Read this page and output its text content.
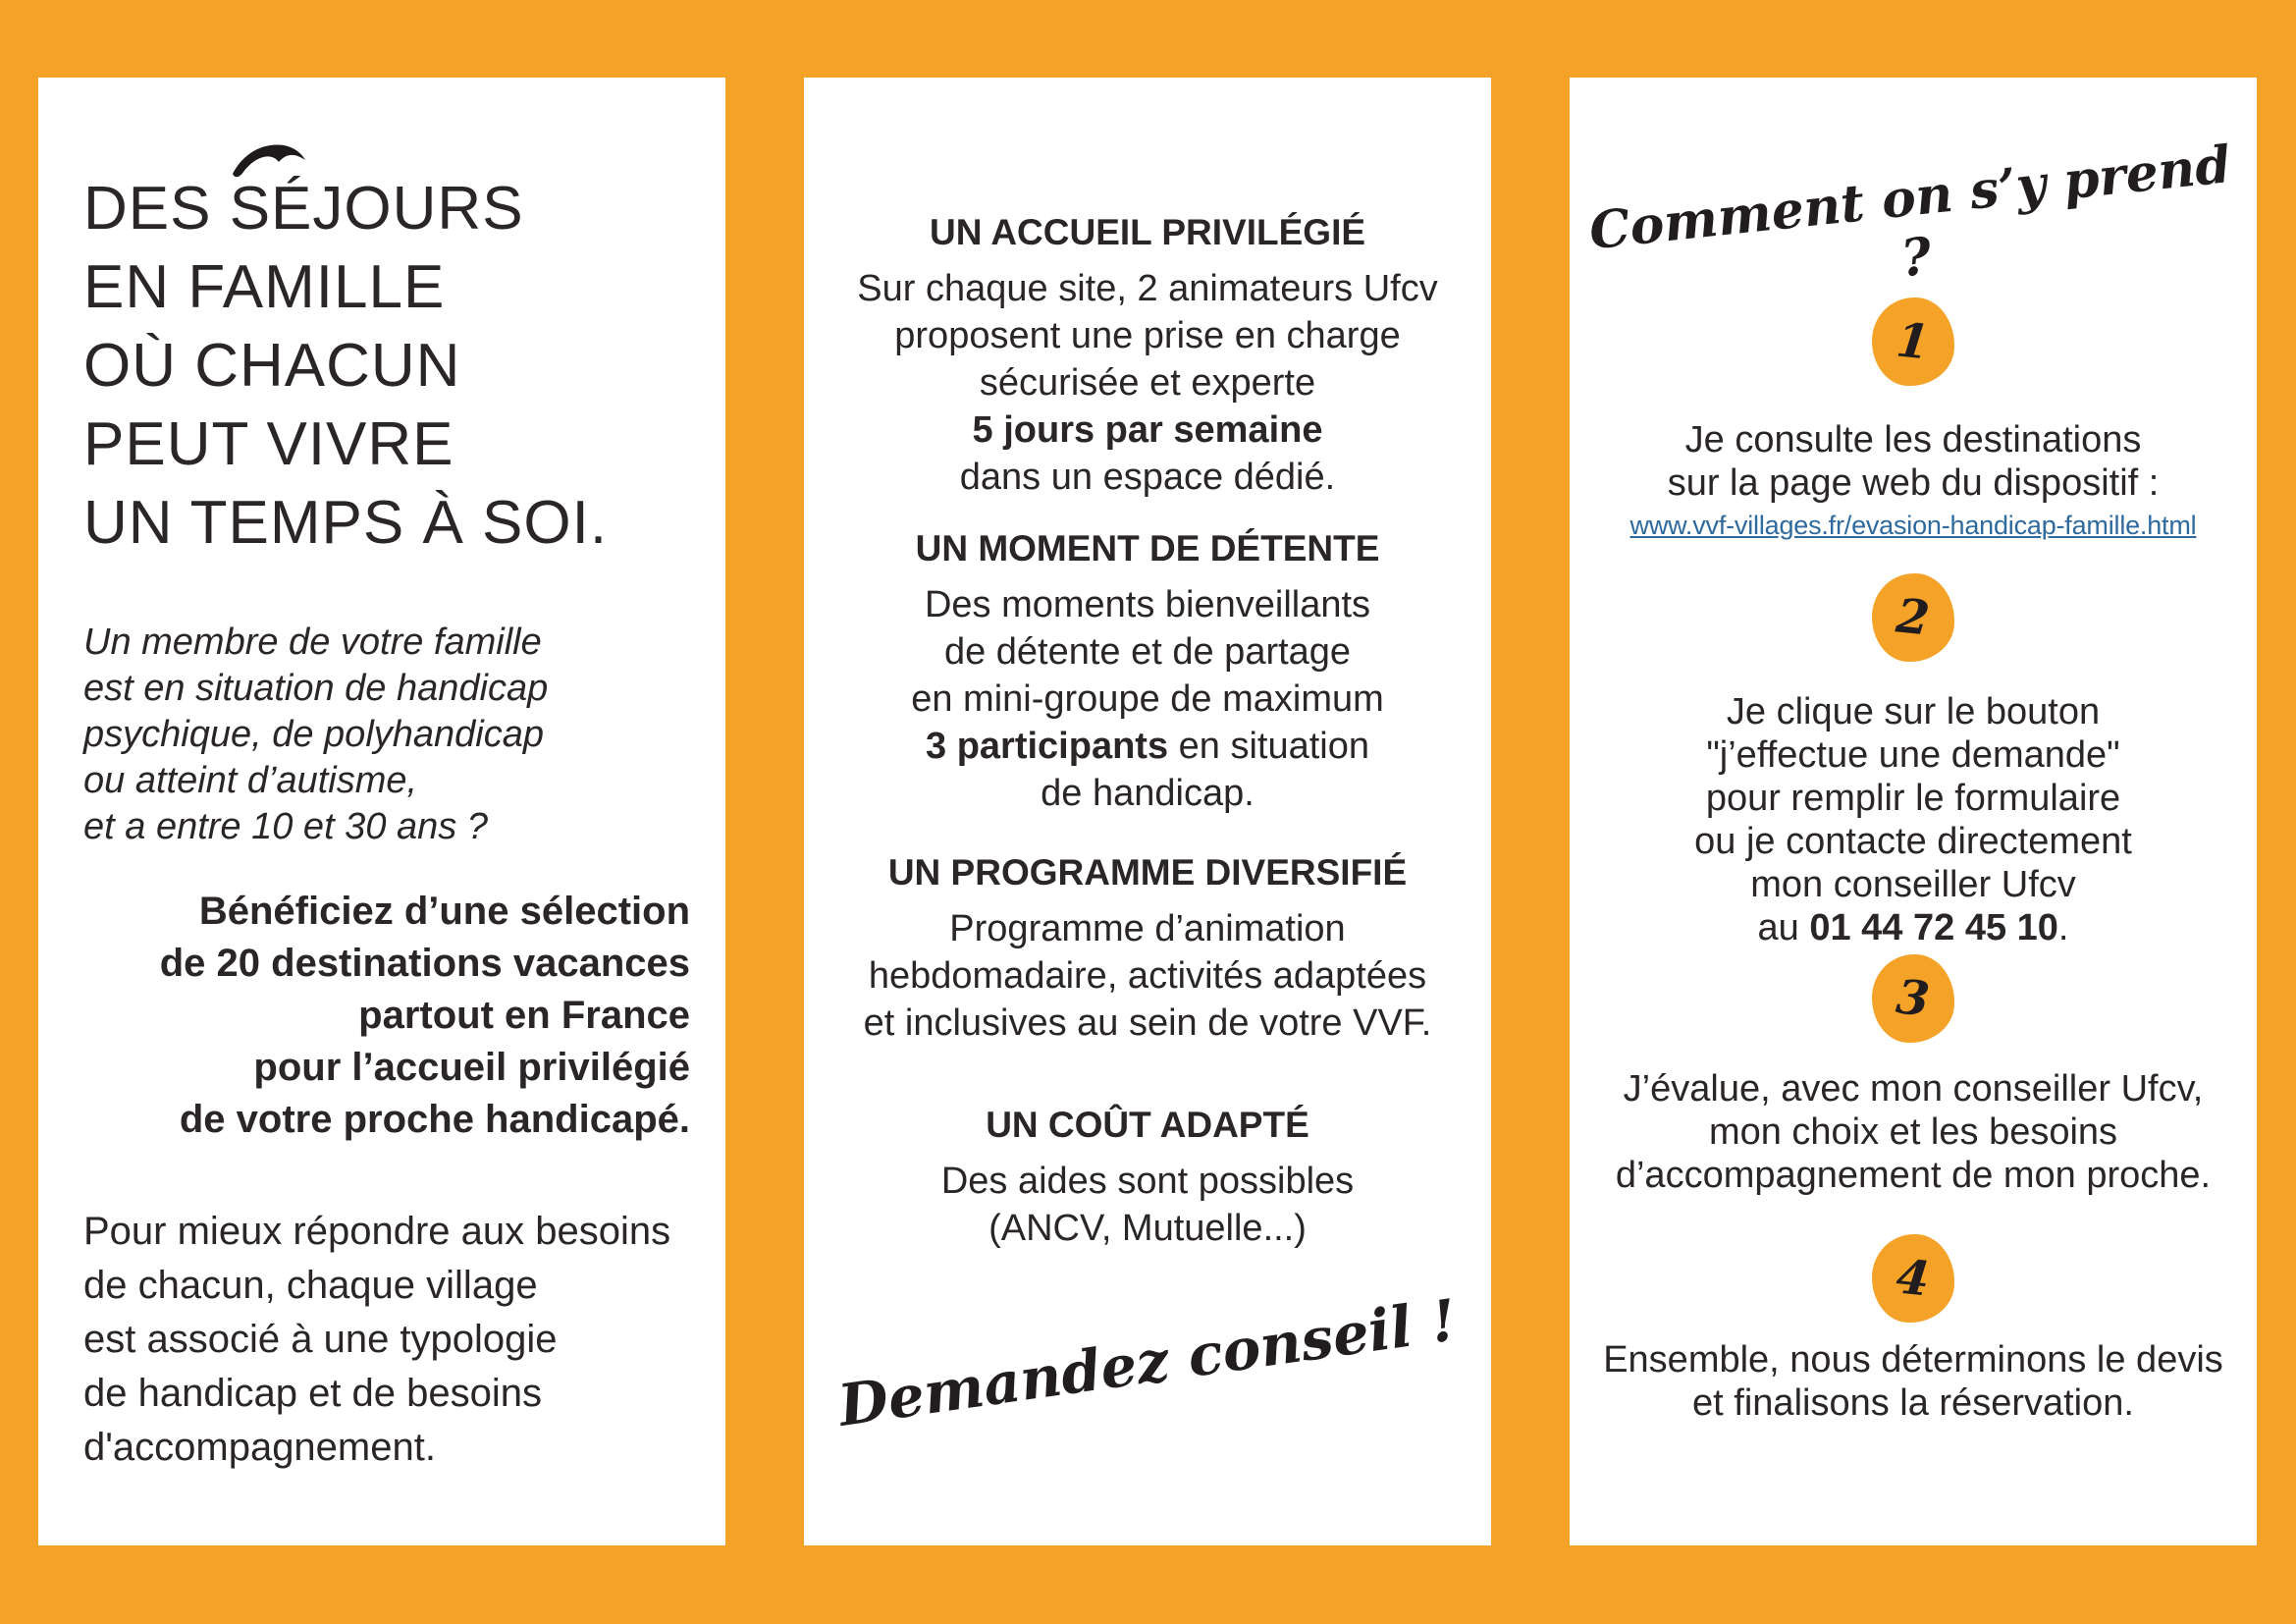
DES SÉJOURS
EN FAMILLE
OÙ CHACUN
PEUT VIVRE
UN TEMPS À SOI.
Un membre de votre famille
est en situation de handicap
psychique, de polyhandicap
ou atteint d’autisme,
et a entre 10 et 30 ans ?
Bénéficiez d’une sélection
de 20 destinations vacances
partout en France
pour l’accueil privilégié
de votre proche handicapé.
Pour mieux répondre aux besoins
de chacun, chaque village
est associé à une typologie
de handicap et de besoins
d'accompagnement.
UN ACCUEIL PRIVILÉGIÉ
Sur chaque site, 2 animateurs Ufcv
proposent une prise en charge
sécurisée et experte
5 jours par semaine
dans un espace dédié.
UN MOMENT DE DÉTENTE
Des moments bienveillants
de détente et de partage
en mini-groupe de maximum
3 participants en situation
de handicap.
UN PROGRAMME DIVERSIFIÉ
Programme d’animation
hebdomadaire, activités adaptées
et inclusives au sein de votre VVF.
UN COÛT ADAPTÉ
Des aides sont possibles
(ANCV, Mutuelle...)
Demandez conseil !
Comment on s’y prend ?
1
Je consulte les destinations
sur la page web du dispositif :
www.vvf-villages.fr/evasion-handicap-famille.html
2
Je clique sur le bouton
"j’effectue une demande"
pour remplir le formulaire
ou je contacte directement
mon conseiller Ufcv
au 01 44 72 45 10.
3
J’évalue, avec mon conseiller Ufcv,
mon choix et les besoins
d’accompagnement de mon proche.
4
Ensemble, nous déterminons le devis
et finalisons la réservation.
